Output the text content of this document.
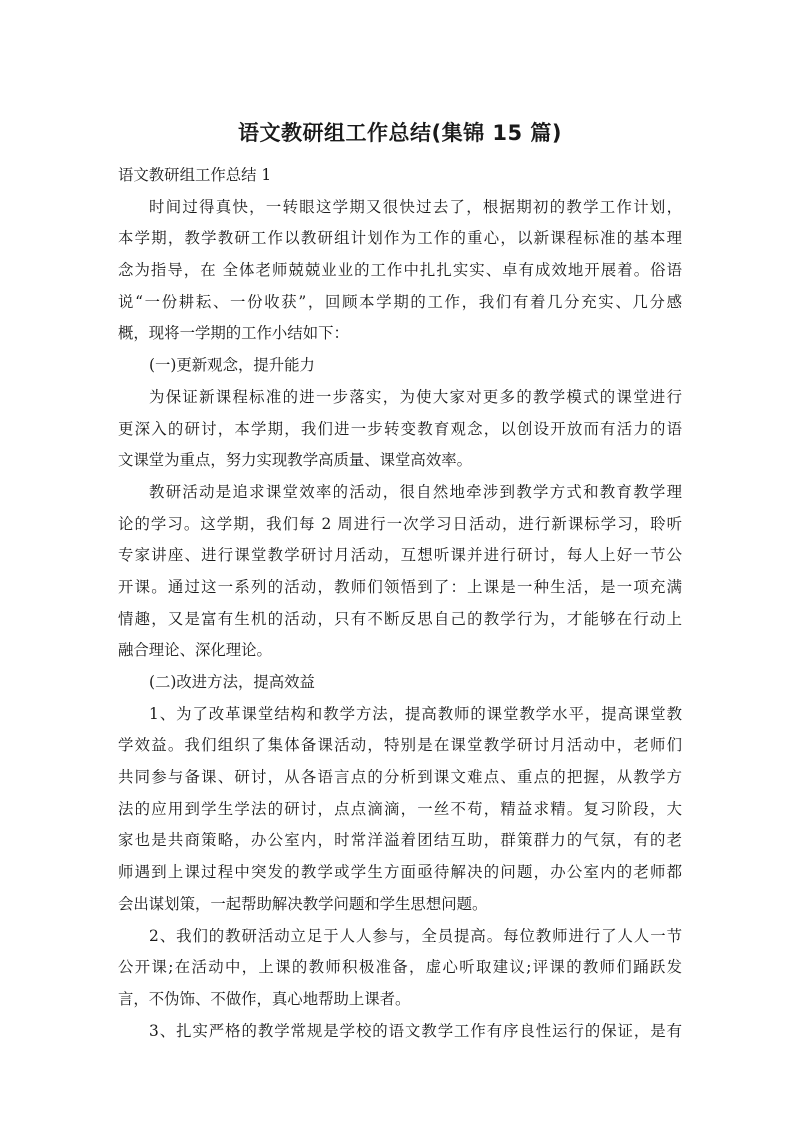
语文教研组工作总结(集锦 15 篇)
语文教研组工作总结 1
时间过得真快，一转眼这学期又很快过去了，根据期初的教学工作计划，
本学期，教学教研工作以教研组计划作为工作的重心，以新课程标准的基本理
念为指导，在 全体老师兢兢业业的工作中扎扎实实、卓有成效地开展着。俗语
说“一份耕耘、一份收获”，回顾本学期的工作，我们有着几分充实、几分感
概，现将一学期的工作小结如下：
(一)更新观念，提升能力
为保证新课程标准的进一步落实，为使大家对更多的教学模式的课堂进行
更深入的研讨，本学期，我们进一步转变教育观念，以创设开放而有活力的语
文课堂为重点，努力实现教学高质量、课堂高效率。
教研活动是追求课堂效率的活动，很自然地牵涉到教学方式和教育教学理
论的学习。这学期，我们每 2 周进行一次学习日活动，进行新课标学习，聆听
专家讲座、进行课堂教学研讨月活动，互想听课并进行研讨，每人上好一节公
开课。通过这一系列的活动，教师们领悟到了：上课是一种生活，是一项充满
情趣，又是富有生机的活动，只有不断反思自己的教学行为，才能够在行动上
融合理论、深化理论。
(二)改进方法，提高效益
1、为了改革课堂结构和教学方法，提高教师的课堂教学水平，提高课堂教
学效益。我们组织了集体备课活动，特别是在课堂教学研讨月活动中，老师们
共同参与备课、研讨，从各语言点的分析到课文难点、重点的把握，从教学方
法的应用到学生学法的研讨，点点滴滴，一丝不苟，精益求精。复习阶段，大
家也是共商策略，办公室内，时常洋溢着团结互助，群策群力的气氛，有的老
师遇到上课过程中突发的教学或学生方面亟待解决的问题，办公室内的老师都
会出谋划策，一起帮助解决教学问题和学生思想问题。
2、我们的教研活动立足于人人参与，全员提高。每位教师进行了人人一节
公开课;在活动中，上课的教师积极准备，虚心听取建议;评课的教师们踊跃发
言，不伪饰、不做作，真心地帮助上课者。
3、扎实严格的教学常规是学校的语文教学工作有序良性运行的保证，是有
